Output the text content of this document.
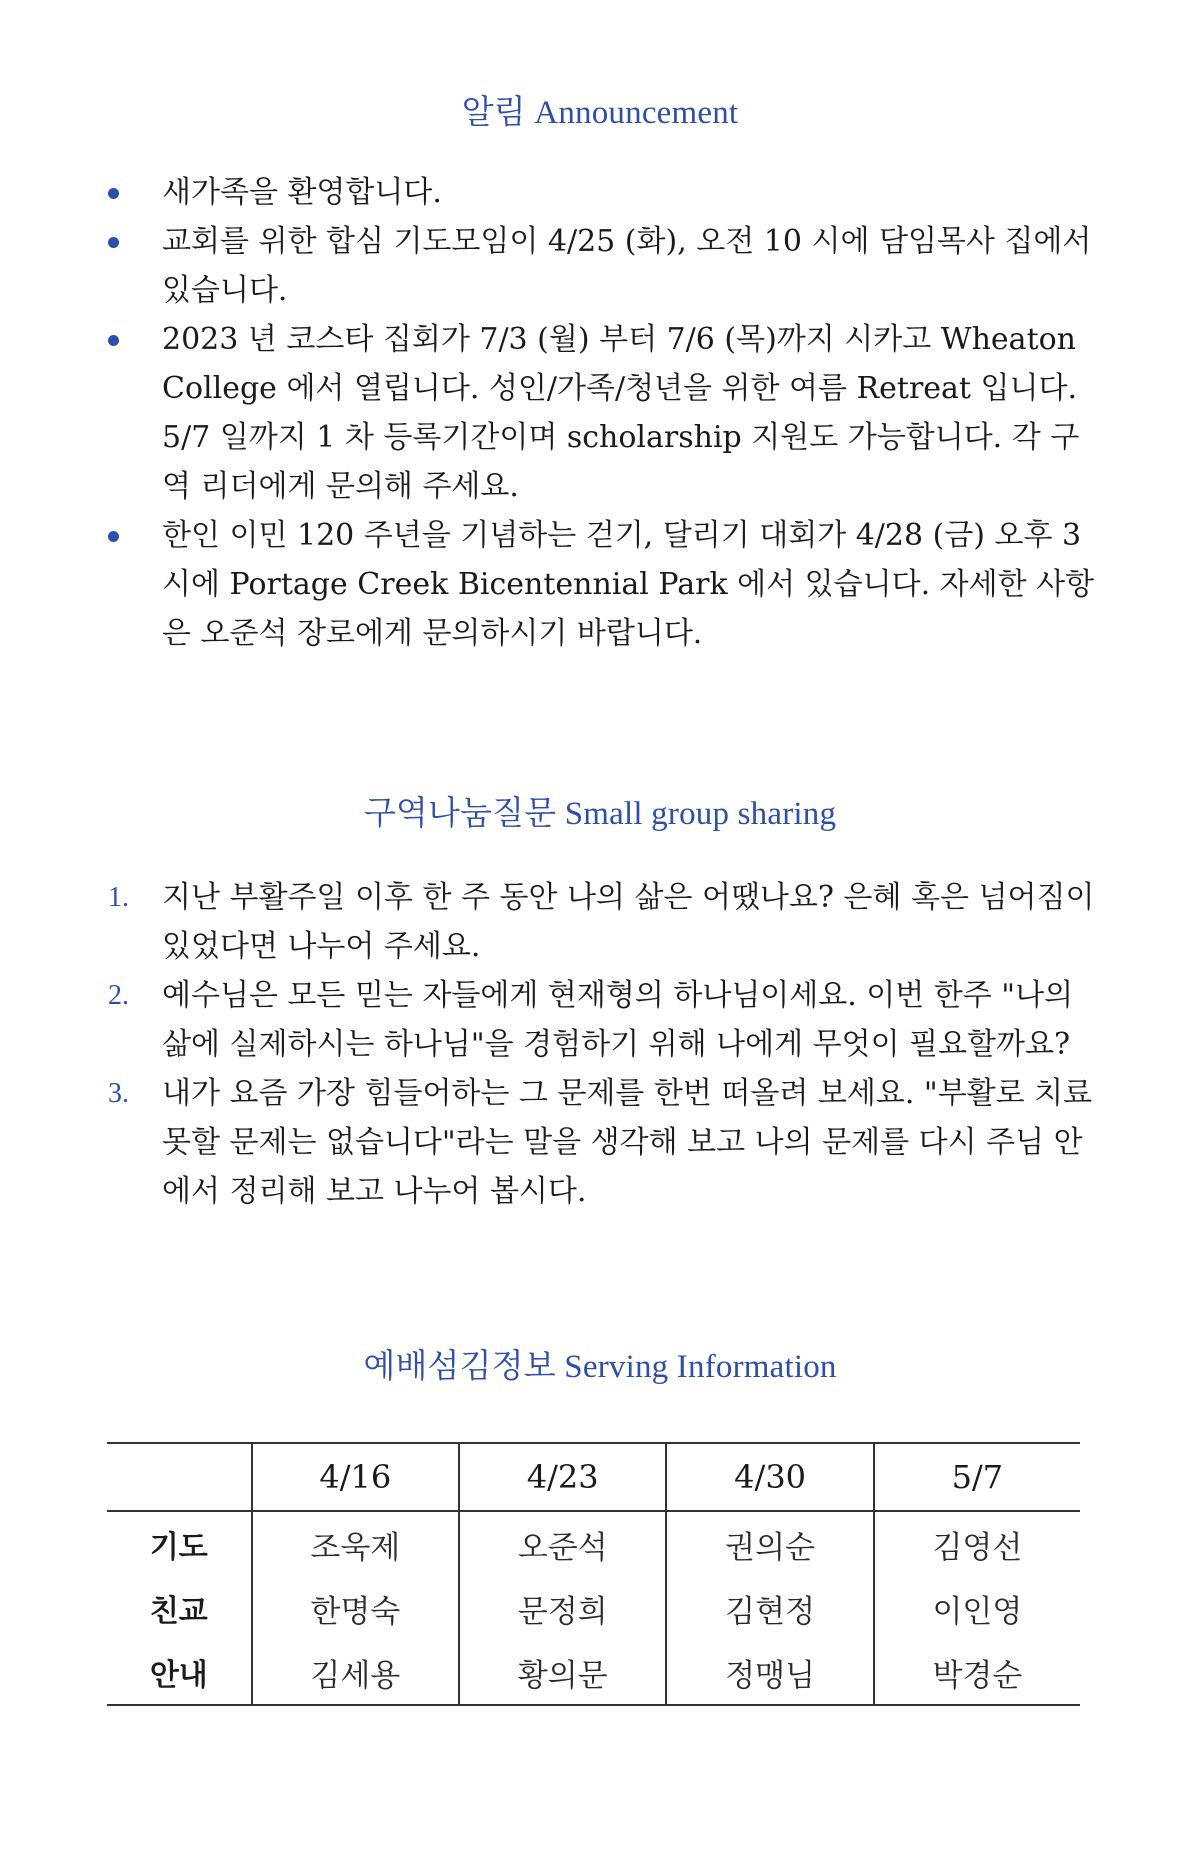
알림 Announcement
새가족을 환영합니다.
교회를 위한 합심 기도모임이 4/25 (화), 오전 10 시에 담임목사 집에서 있습니다.
2023 년 코스타 집회가 7/3 (월) 부터 7/6 (목)까지 시카고 Wheaton College 에서 열립니다. 성인/가족/청년을 위한 여름 Retreat 입니다. 5/7 일까지 1 차 등록기간이며 scholarship 지원도 가능합니다. 각 구역 리더에게 문의해 주세요.
한인 이민 120 주년을 기념하는 걷기, 달리기 대회가 4/28 (금) 오후 3 시에 Portage Creek Bicentennial Park 에서 있습니다. 자세한 사항은 오준석 장로에게 문의하시기 바랍니다.
구역나눔질문 Small group sharing
1. 지난 부활주일 이후 한 주 동안 나의 삶은 어땠나요? 은혜 혹은 넘어짐이 있었다면 나누어 주세요.
2. 예수님은 모든 믿는 자들에게 현재형의 하나님이세요. 이번 한주 "나의 삶에 실제하시는 하나님"을 경험하기 위해 나에게 무엇이 필요할까요?
3. 내가 요즘 가장 힘들어하는 그 문제를 한번 떠올려 보세요. "부활로 치료 못할 문제는 없습니다"라는 말을 생각해 보고 나의 문제를 다시 주님 안에서 정리해 보고 나누어 봅시다.
예배섬김정보 Serving Information
	4/16	4/23	4/30	5/7
기도	조욱제	오준석	권의순	김영선
친교	한명숙	문정희	김현정	이인영
안내	김세용	황의문	정맹님	박경순
